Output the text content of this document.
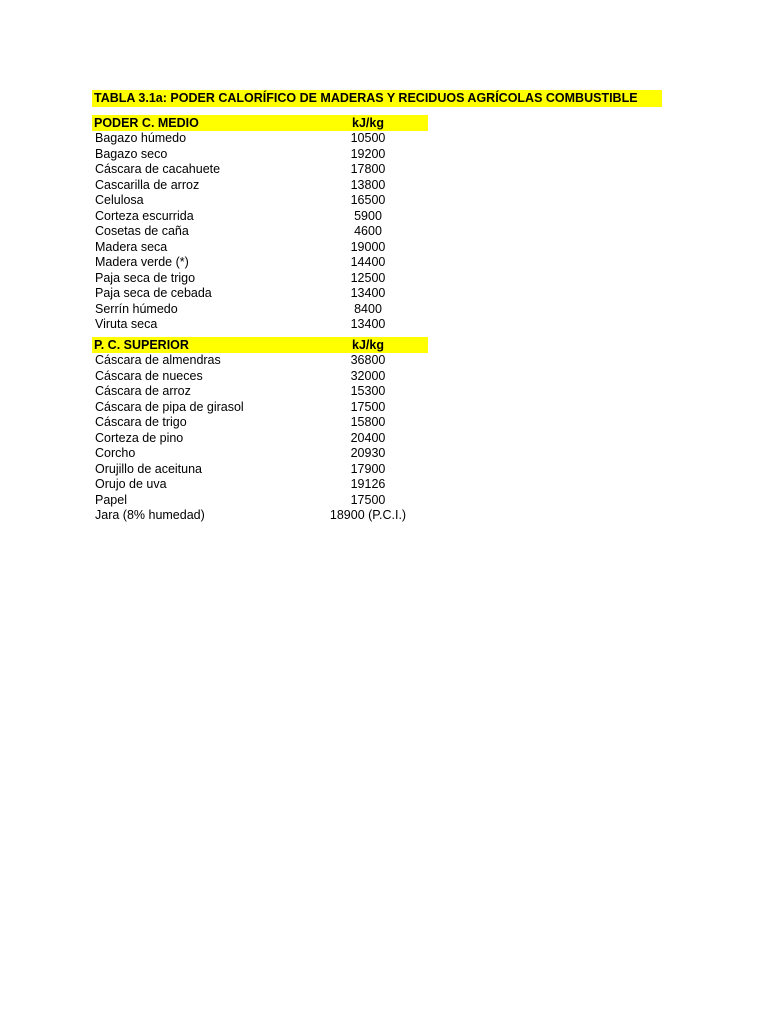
TABLA 3.1a: PODER CALORÍFICO DE MADERAS Y RECIDUOS AGRÍCOLAS COMBUSTIBLE
PODER C. MEDIO	kJ/kg
Bagazo húmedo	10500
Bagazo seco	19200
Cáscara de cacahuete	17800
Cascarilla de arroz	13800
Celulosa	16500
Corteza escurrida	5900
Cosetas de caña	4600
Madera seca	19000
Madera verde (*)	14400
Paja seca de trigo	12500
Paja seca de cebada	13400
Serrín húmedo	8400
Viruta seca	13400
P. C. SUPERIOR	kJ/kg
Cáscara de almendras	36800
Cáscara de nueces	32000
Cáscara de arroz	15300
Cáscara de pipa de girasol	17500
Cáscara de trigo	15800
Corteza de pino	20400
Corcho	20930
Orujillo de aceituna	17900
Orujo de uva	19126
Papel	17500
Jara (8% humedad)	18900 (P.C.I.)
